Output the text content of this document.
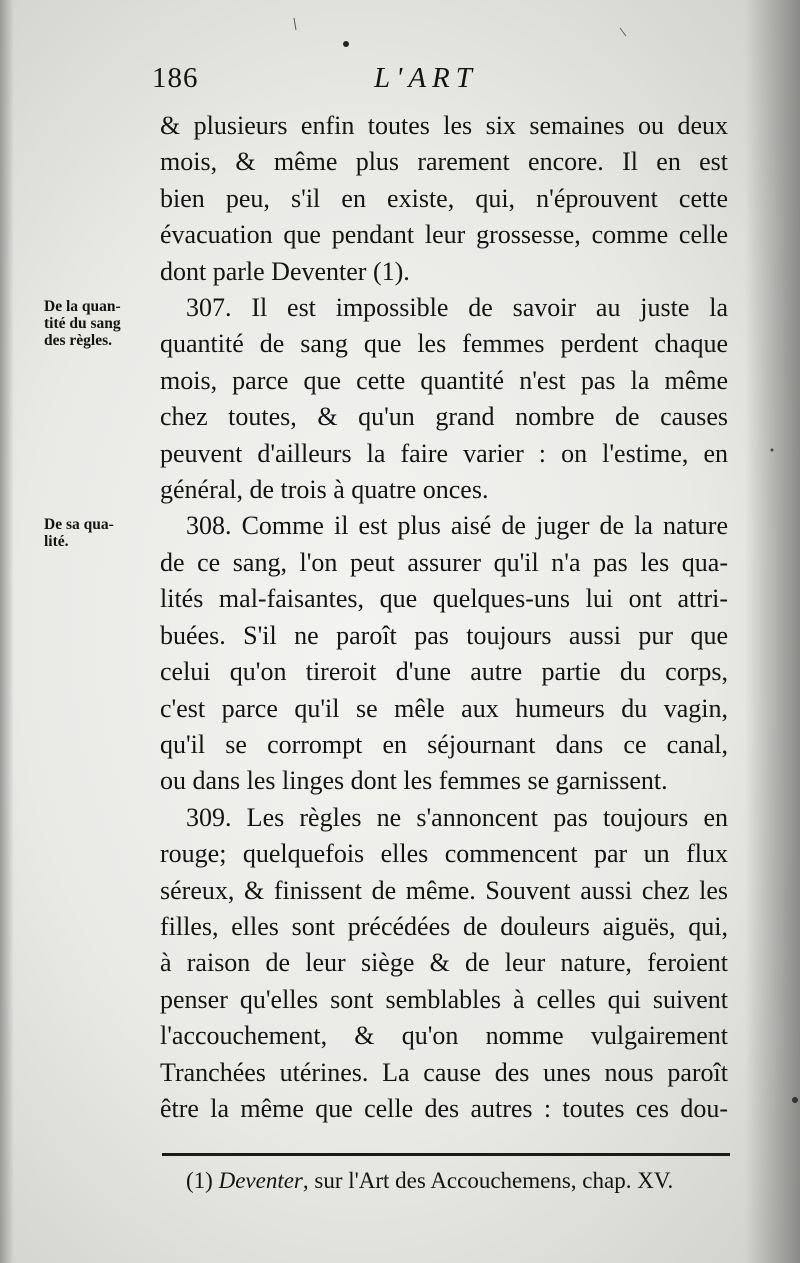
186	L'ART
De la quan-
tité du sang
des règles.
De sa qua-
lité.
& plusieurs enfin toutes les six semaines ou deux
mois, & même plus rarement encore. Il en est
bien peu, s'il en existe, qui, n'éprouvent cette
évacuation que pendant leur grossesse, comme celle
dont parle Deventer (1).
307. Il est impossible de savoir au juste la
quantité de sang que les femmes perdent chaque
mois, parce que cette quantité n'est pas la même
chez toutes, & qu'un grand nombre de causes
peuvent d'ailleurs la faire varier : on l'estime, en
général, de trois à quatre onces.
308. Comme il est plus aisé de juger de la nature
de ce sang, l'on peut assurer qu'il n'a pas les qua-
lités mal-faisantes, que quelques-uns lui ont attri-
buées. S'il ne paroît pas toujours aussi pur que
celui qu'on tireroit d'une autre partie du corps,
c'est parce qu'il se mêle aux humeurs du vagin,
qu'il se corrompt en séjournant dans ce canal,
ou dans les linges dont les femmes se garnissent.
309. Les règles ne s'annoncent pas toujours en
rouge; quelquefois elles commencent par un flux
séreux, & finissent de même. Souvent aussi chez les
filles, elles sont précédées de douleurs aiguës, qui,
à raison de leur siège & de leur nature, feroient
penser qu'elles sont semblables à celles qui suivent
l'accouchement, & qu'on nomme vulgairement
Tranchées utérines. La cause des unes nous paroît
être la même que celle des autres : toutes ces dou-
(1) Deventer, sur l'Art des Accouchemens, chap. XV.
